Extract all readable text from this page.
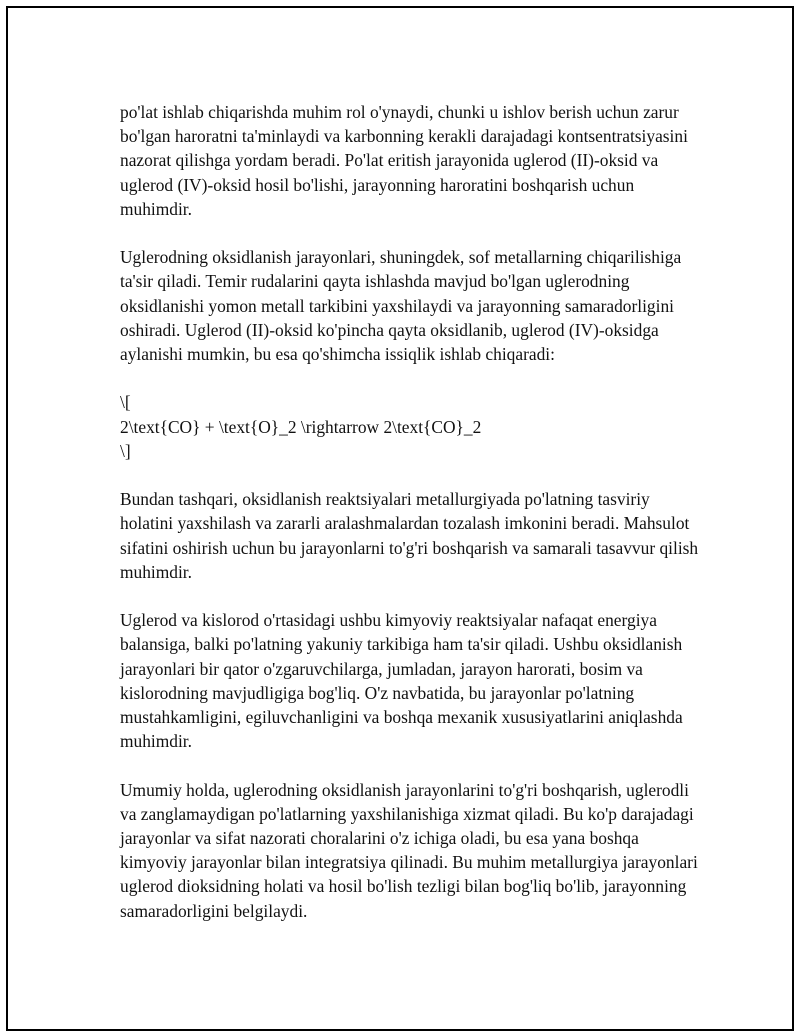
po'lat ishlab chiqarishda muhim rol o'ynaydi, chunki u ishlov berish uchun zarur bo'lgan haroratni ta'minlaydi va karbonning kerakli darajadagi kontsentratsiyasini nazorat qilishga yordam beradi. Po'lat eritish jarayonida uglerod (II)-oksid va uglerod (IV)-oksid hosil bo'lishi, jarayonning haroratini boshqarish uchun muhimdir.

Uglerodning oksidlanish jarayonlari, shuningdek, sof metallarning chiqarilishiga ta'sir qiladi. Temir rudalarini qayta ishlashda mavjud bo'lgan uglerodning oksidlanishi yomon metall tarkibini yaxshilaydi va jarayonning samaradorligini oshiradi. Uglerod (II)-oksid ko'pincha qayta oksidlanib, uglerod (IV)-oksidga aylanishi mumkin, bu esa qo'shimcha issiqlik ishlab chiqaradi:

\[
2\text{CO} + \text{O}_2 \rightarrow 2\text{CO}_2
\]

Bundan tashqari, oksidlanish reaktsiyalari metallurgiyada po'latning tasviriy holatini yaxshilash va zararli aralashmalardan tozalash imkonini beradi. Mahsulot sifatini oshirish uchun bu jarayonlarni to'g'ri boshqarish va samarali tasavvur qilish muhimdir.

Uglerod va kislorod o'rtasidagi ushbu kimyoviy reaktsiyalar nafaqat energiya balansiga, balki po'latning yakuniy tarkibiga ham ta'sir qiladi. Ushbu oksidlanish jarayonlari bir qator o'zgaruvchilarga, jumladan, jarayon harorati, bosim va kislorodning mavjudligiga bog'liq. O'z navbatida, bu jarayonlar po'latning mustahkamligini, egiluvchanligini va boshqa mexanik xususiyatlarini aniqlashda muhimdir.

Umumiy holda, uglerodning oksidlanish jarayonlarini to'g'ri boshqarish, uglerodli va zanglamaydigan po'latlarning yaxshilanishiga xizmat qiladi. Bu ko'p darajadagi jarayonlar va sifat nazorati choralarini o'z ichiga oladi, bu esa yana boshqa kimyoviy jarayonlar bilan integratsiya qilinadi. Bu muhim metallurgiya jarayonlari uglerod dioksidning holati va hosil bo'lish tezligi bilan bog'liq bo'lib, jarayonning samaradorligini belgilaydi.
